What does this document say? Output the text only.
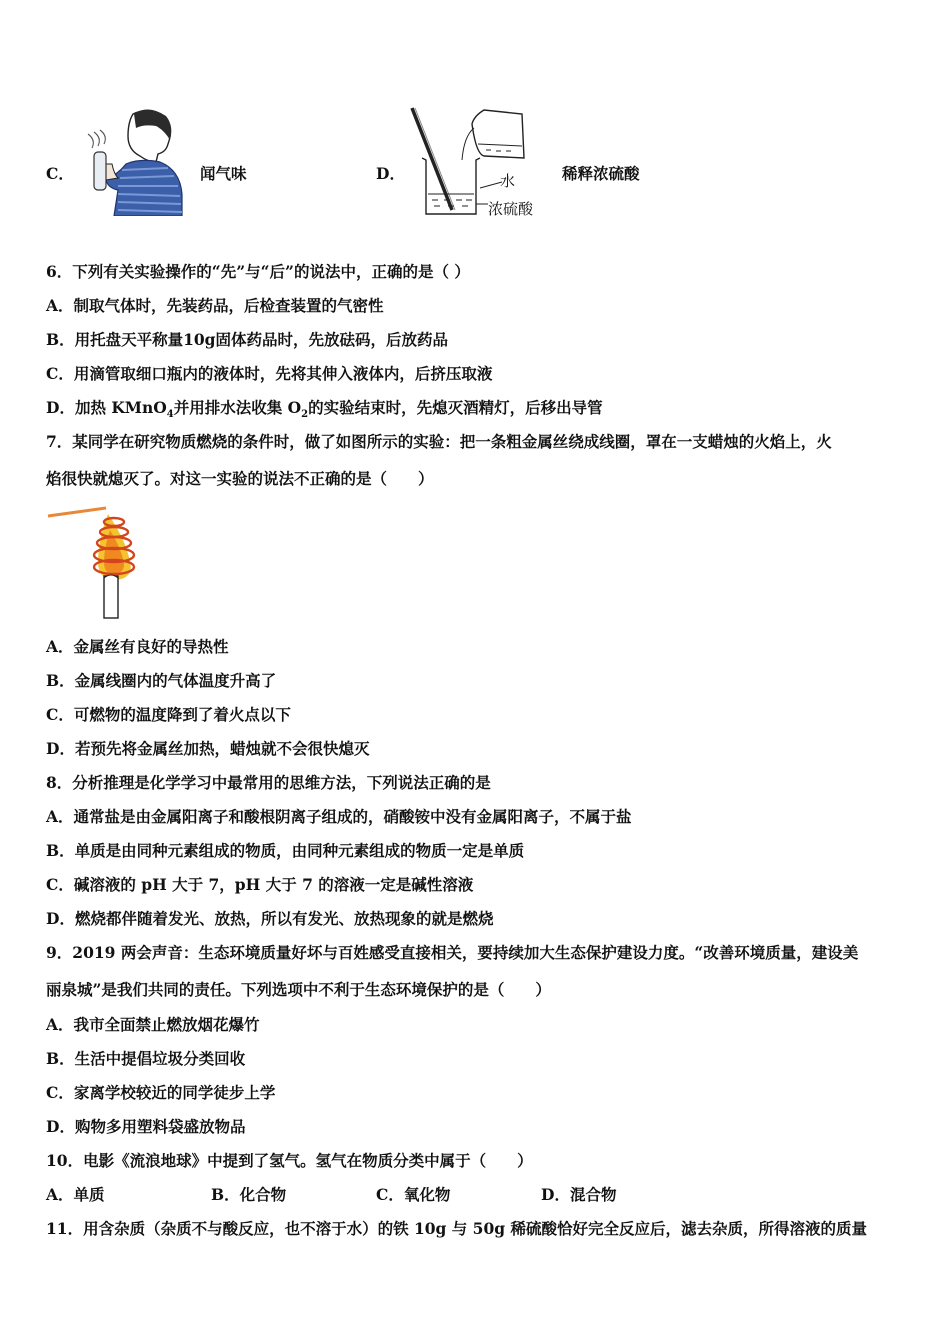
C．	闻气味	D．	水
浓硫酸
稀释浓硫酸
6．下列有关实验操作的“先”与“后”的说法中，正确的是（ ）
A．制取气体时，先装药品，后检查装置的气密性
B．用托盘天平称量10g固体药品时，先放砝码，后放药品
C．用滴管取细口瓶内的液体时，先将其伸入液体内，后挤压取液
D．加热 KMnO$_4$并用排水法收集 $O_2$的实验结束时，先熄灭酒精灯，后移出导管
7．某同学在研究物质燃烧的条件时，做了如图所示的实验：把一条粗金属丝绕成线圈，罩在一支蜡烛的火焰上，火
焰很快就熄灭了。对这一实验的说法不正确的是（　　）
A．金属丝有良好的导热性
B．金属线圈内的气体温度升高了
C．可燃物的温度降到了着火点以下
D．若预先将金属丝加热，蜡烛就不会很快熄灭
8．分析推理是化学学习中最常用的思维方法，下列说法正确的是
A．通常盐是由金属阳离子和酸根阴离子组成的，硝酸铵中没有金属阳离子，不属于盐
B．单质是由同种元素组成的物质，由同种元素组成的物质一定是单质
C．碱溶液的 pH 大于 7，pH 大于 7 的溶液一定是碱性溶液
D．燃烧都伴随着发光、放热，所以有发光、放热现象的就是燃烧
9．2019 两会声音：生态环境质量好坏与百姓感受直接相关，要持续加大生态保护建设力度。“改善环境质量，建设美
丽泉城”是我们共同的责任。下列选项中不利于生态环境保护的是（　　）
A．我市全面禁止燃放烟花爆竹
B．生活中提倡垃圾分类回收
C．家离学校较近的同学徒步上学
D．购物多用塑料袋盛放物品
10．电影《流浪地球》中提到了氢气。氢气在物质分类中属于（　　）
A．单质	B．化合物	C．氧化物	D．混合物
11．用含杂质（杂质不与酸反应，也不溶于水）的铁 10g 与 50g 稀硫酸恰好完全反应后，滤去杂质，所得溶液的质量
